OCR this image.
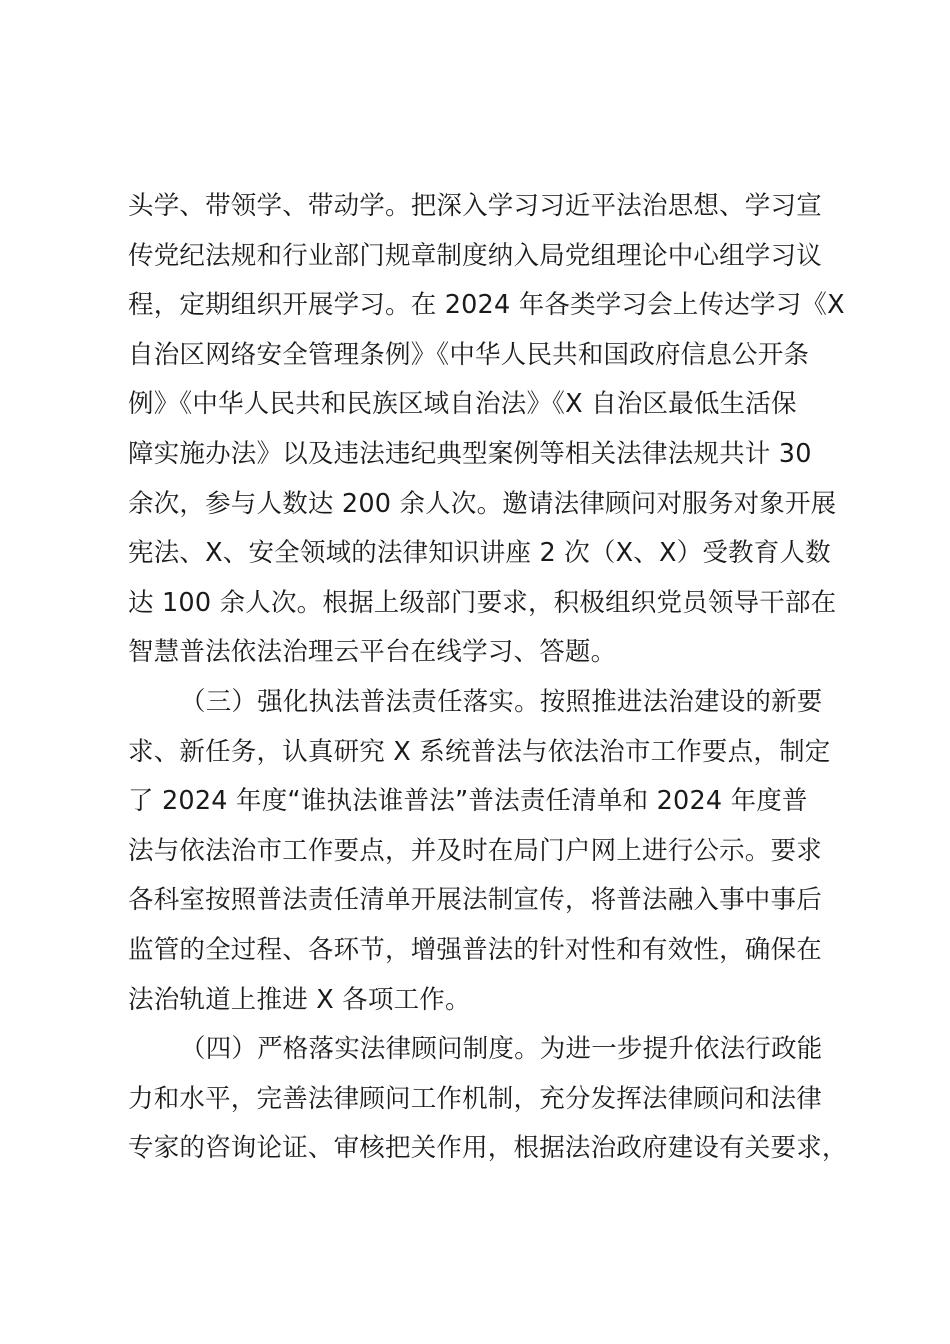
头学、带领学、带动学。把深入学习习近平法治思想、学习宣
传党纪法规和行业部门规章制度纳入局党组理论中心组学习议
程，定期组织开展学习。在 2024 年各类学习会上传达学习《X
自治区网络安全管理条例》《中华人民共和国政府信息公开条
例》《中华人民共和民族区域自治法》《X 自治区最低生活保
障实施办法》以及违法违纪典型案例等相关法律法规共计 30
余次，参与人数达 200 余人次。邀请法律顾问对服务对象开展
宪法、X、安全领域的法律知识讲座 2 次（X、X）受教育人数
达 100 余人次。根据上级部门要求，积极组织党员领导干部在
智慧普法依法治理云平台在线学习、答题。
（三）强化执法普法责任落实。按照推进法治建设的新要
求、新任务，认真研究 X 系统普法与依法治市工作要点，制定
了 2024 年度“谁执法谁普法”普法责任清单和 2024 年度普
法与依法治市工作要点，并及时在局门户网上进行公示。要求
各科室按照普法责任清单开展法制宣传，将普法融入事中事后
监管的全过程、各环节，增强普法的针对性和有效性，确保在
法治轨道上推进 X 各项工作。
（四）严格落实法律顾问制度。为进一步提升依法行政能
力和水平，完善法律顾问工作机制，充分发挥法律顾问和法律
专家的咨询论证、审核把关作用，根据法治政府建设有关要求，
